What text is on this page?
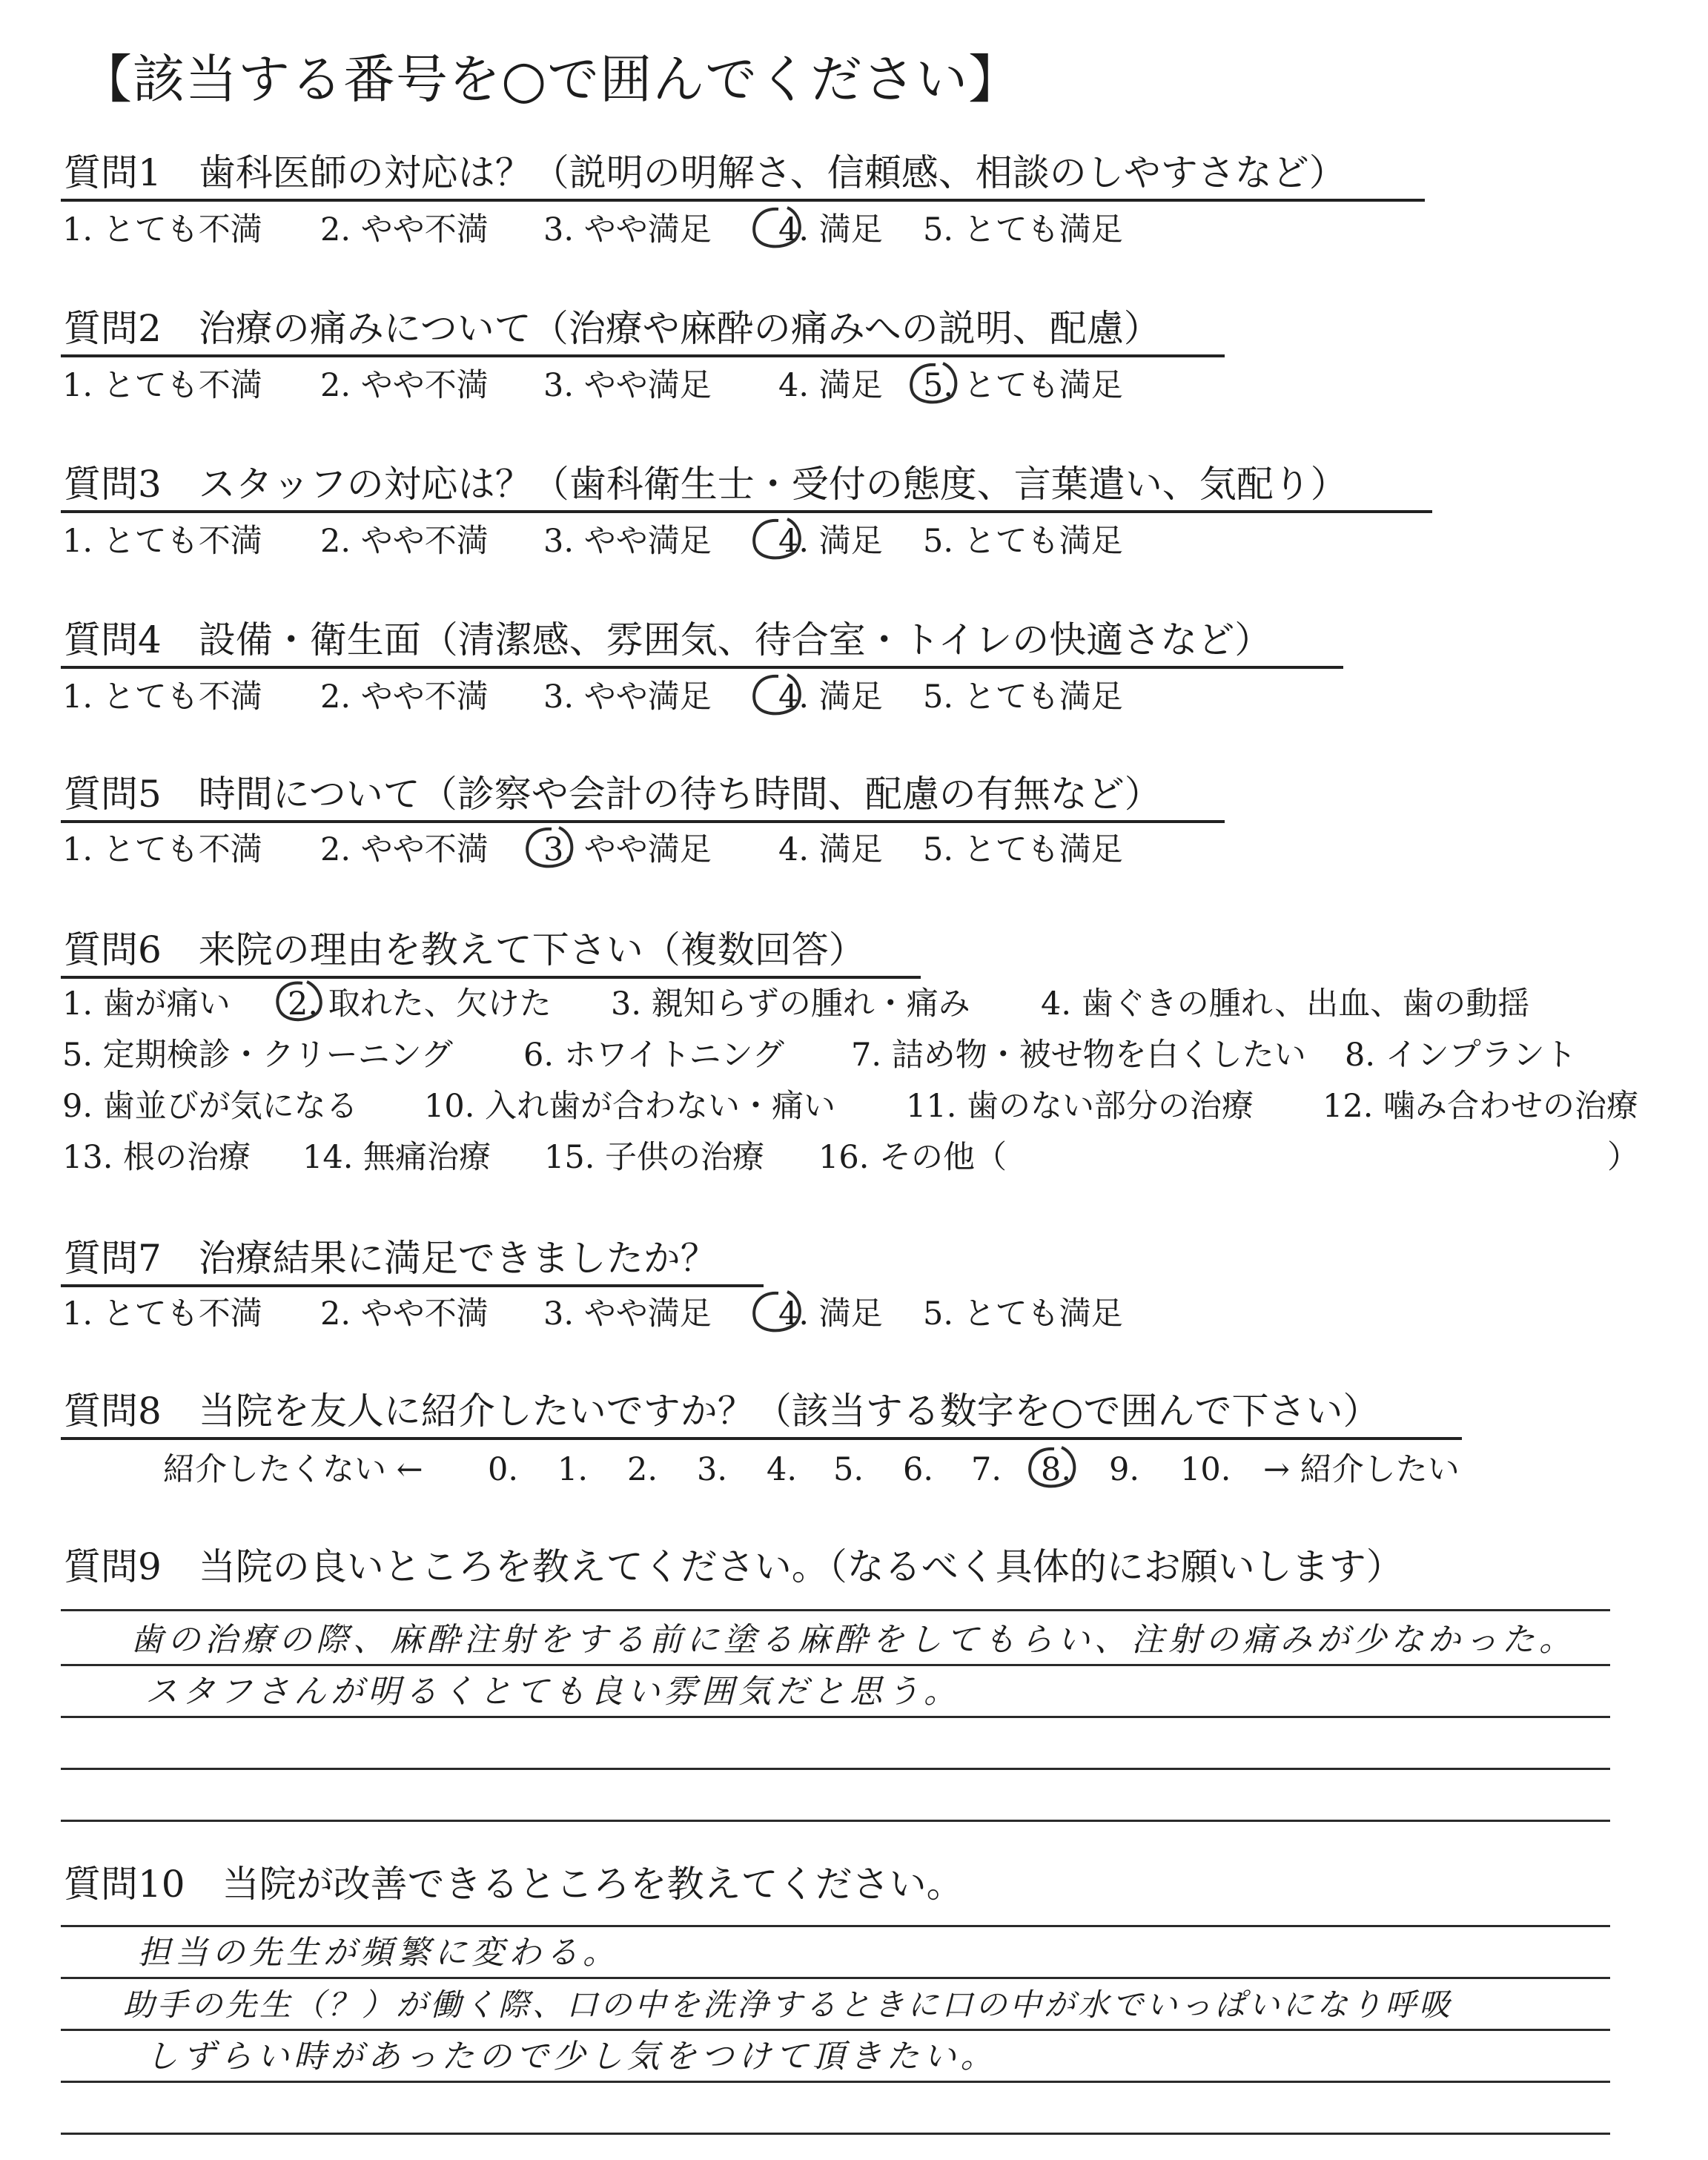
【該当する番号を○で囲んでください】
質問1　歯科医師の対応は？（説明の明解さ、信頼感、相談のしやすさなど）
1. とても不満 2. やや不満 3. やや満足 4. 満足 5. とても満足
質問2　治療の痛みについて（治療や麻酔の痛みへの説明、配慮）
1. とても不満 2. やや不満 3. やや満足 4. 満足 5. とても満足
質問3　スタッフの対応は？（歯科衛生士・受付の態度、言葉遣い、気配り）
1. とても不満 2. やや不満 3. やや満足 4. 満足 5. とても満足
質問4　設備・衛生面（清潔感、雰囲気、待合室・トイレの快適さなど）
1. とても不満 2. やや不満 3. やや満足 4. 満足 5. とても満足
質問5　時間について（診察や会計の待ち時間、配慮の有無など）
1. とても不満 2. やや不満 3. やや満足 4. 満足 5. とても満足
質問6　来院の理由を教えて下さい（複数回答）
1. 歯が痛い 2. 取れた、欠けた 3. 親知らずの腫れ・痛み 4. 歯ぐきの腫れ、出血、歯の動揺
5. 定期検診・クリーニング 6. ホワイトニング 7. 詰め物・被せ物を白くしたい 8. インプラント
9. 歯並びが気になる 10. 入れ歯が合わない・痛い 11. 歯のない部分の治療 12. 噛み合わせの治療
13. 根の治療 14. 無痛治療 15. 子供の治療 16. その他（	）
質問7　治療結果に満足できましたか？
1. とても不満 2. やや不満 3. やや満足 4. 満足 5. とても満足
質問8　当院を友人に紹介したいですか？（該当する数字を○で囲んで下さい）
紹介したくない ← 0. 1. 2. 3. 4. 5. 6. 7. 8. 9. 10. → 紹介したい
質問9　当院の良いところを教えてください。（なるべく具体的にお願いします）
歯の治療の際、麻酔注射をする前に塗る麻酔をしてもらい、注射の痛みが少なかった。
スタフさんが明るくとても良い雰囲気だと思う。
質問10　当院が改善できるところを教えてください。
担当の先生が頻繁に変わる。
助手の先生（？）が働く際、口の中を洗浄するときに口の中が水でいっぱいになり呼吸
しずらい時があったので少し気をつけて頂きたい。
